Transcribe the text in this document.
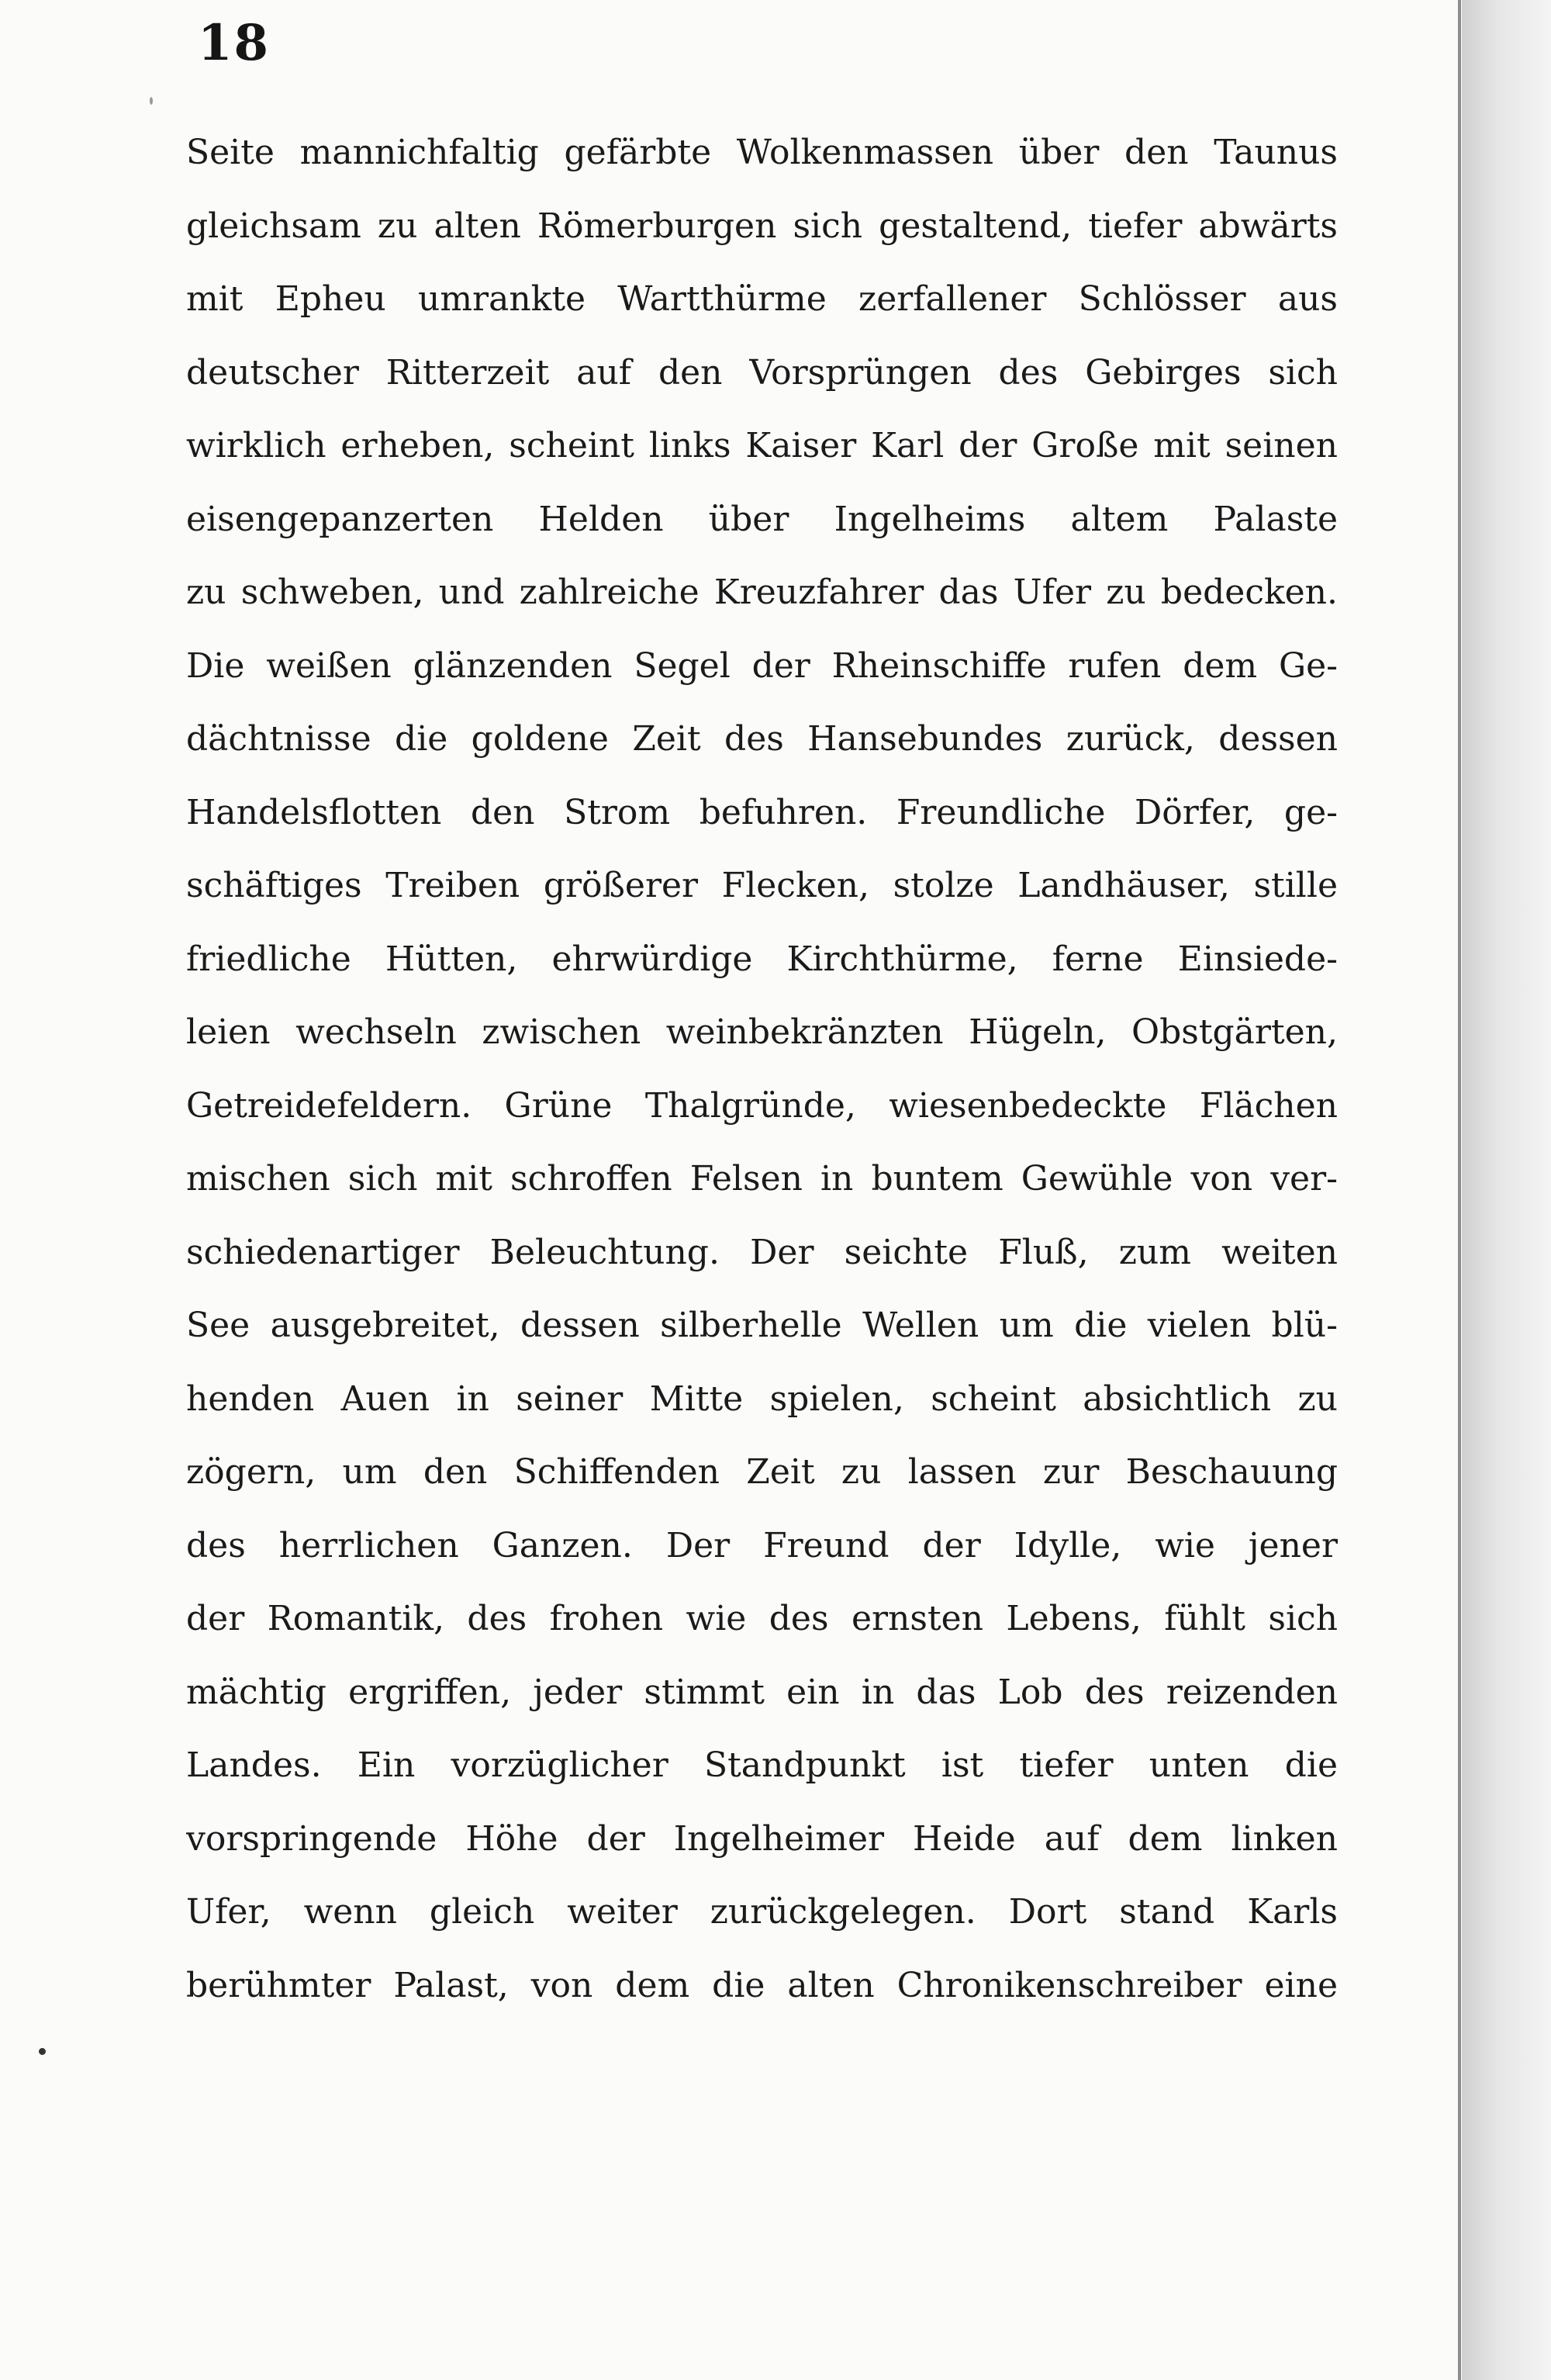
18
Seite mannichfaltig gefärbte Wolkenmassen über den Taunus
gleichsam zu alten Römerburgen sich gestaltend, tiefer abwärts
mit Epheu umrankte Wartthürme zerfallener Schlösser aus
deutscher Ritterzeit auf den Vorsprüngen des Gebirges sich
wirklich erheben, scheint links Kaiser Karl der Große mit seinen
eisengepanzerten Helden über Ingelheims altem Palaste
zu schweben, und zahlreiche Kreuzfahrer das Ufer zu bedecken.
Die weißen glänzenden Segel der Rheinschiffe rufen dem Ge-
dächtnisse die goldene Zeit des Hansebundes zurück, dessen
Handelsflotten den Strom befuhren. Freundliche Dörfer, ge-
schäftiges Treiben größerer Flecken, stolze Landhäuser, stille
friedliche Hütten, ehrwürdige Kirchthürme, ferne Einsiede-
leien wechseln zwischen weinbekränzten Hügeln, Obstgärten,
Getreidefeldern. Grüne Thalgründe, wiesenbedeckte Flächen
mischen sich mit schroffen Felsen in buntem Gewühle von ver-
schiedenartiger Beleuchtung. Der seichte Fluß, zum weiten
See ausgebreitet, dessen silberhelle Wellen um die vielen blü-
henden Auen in seiner Mitte spielen, scheint absichtlich zu
zögern, um den Schiffenden Zeit zu lassen zur Beschauung
des herrlichen Ganzen. Der Freund der Idylle, wie jener
der Romantik, des frohen wie des ernsten Lebens, fühlt sich
mächtig ergriffen, jeder stimmt ein in das Lob des reizenden
Landes. Ein vorzüglicher Standpunkt ist tiefer unten die
vorspringende Höhe der Ingelheimer Heide auf dem linken
Ufer, wenn gleich weiter zurückgelegen. Dort stand Karls
berühmter Palast, von dem die alten Chronikenschreiber eine
